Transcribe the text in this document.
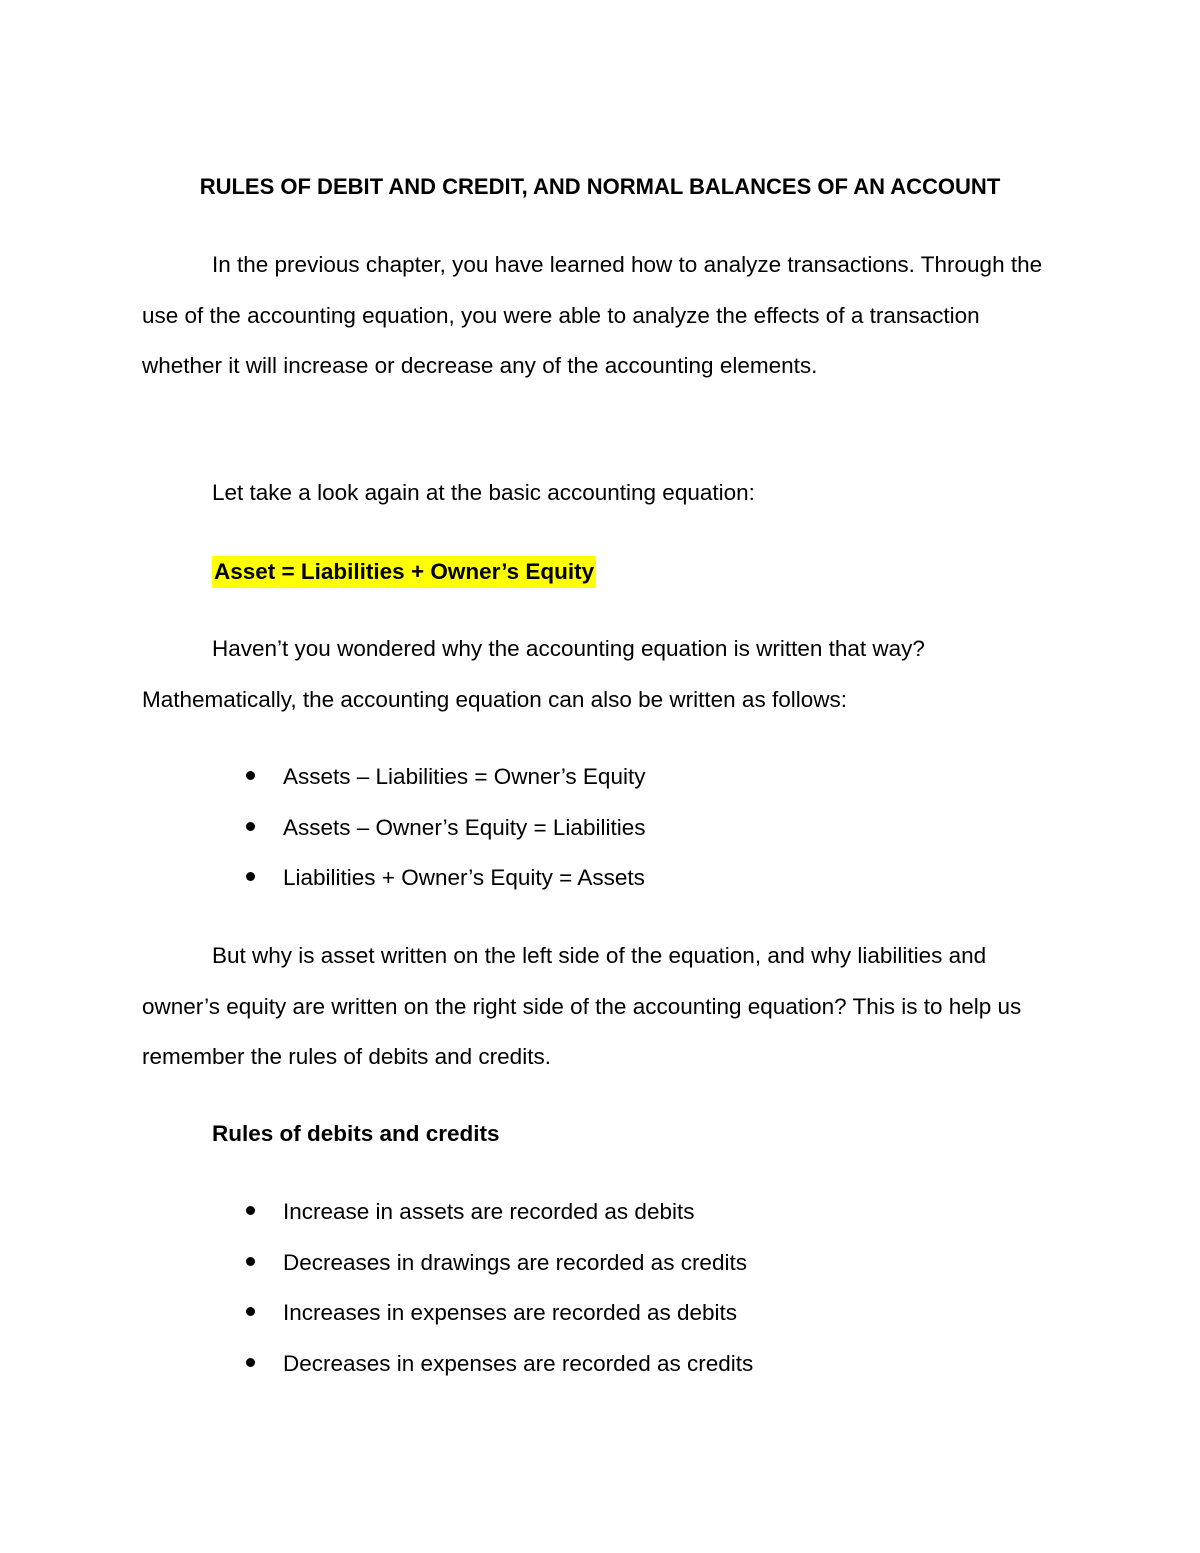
RULES OF DEBIT AND CREDIT, AND NORMAL BALANCES OF AN ACCOUNT

In the previous chapter, you have learned how to analyze transactions. Through the use of the accounting equation, you were able to analyze the effects of a transaction whether it will increase or decrease any of the accounting elements.

Let take a look again at the basic accounting equation:
Asset = Liabilities + Owner’s Equity

Haven’t you wondered why the accounting equation is written that way? Mathematically, the accounting equation can also be written as follows:

Assets – Liabilities = Owner’s Equity
Assets – Owner’s Equity = Liabilities
Liabilities + Owner’s Equity = Assets

But why is asset written on the left side of the equation, and why liabilities and owner’s equity are written on the right side of the accounting equation? This is to help us remember the rules of debits and credits.

Rules of debits and credits
Increase in assets are recorded as debits
Decreases in drawings are recorded as credits
Increases in expenses are recorded as debits
Decreases in expenses are recorded as credits
